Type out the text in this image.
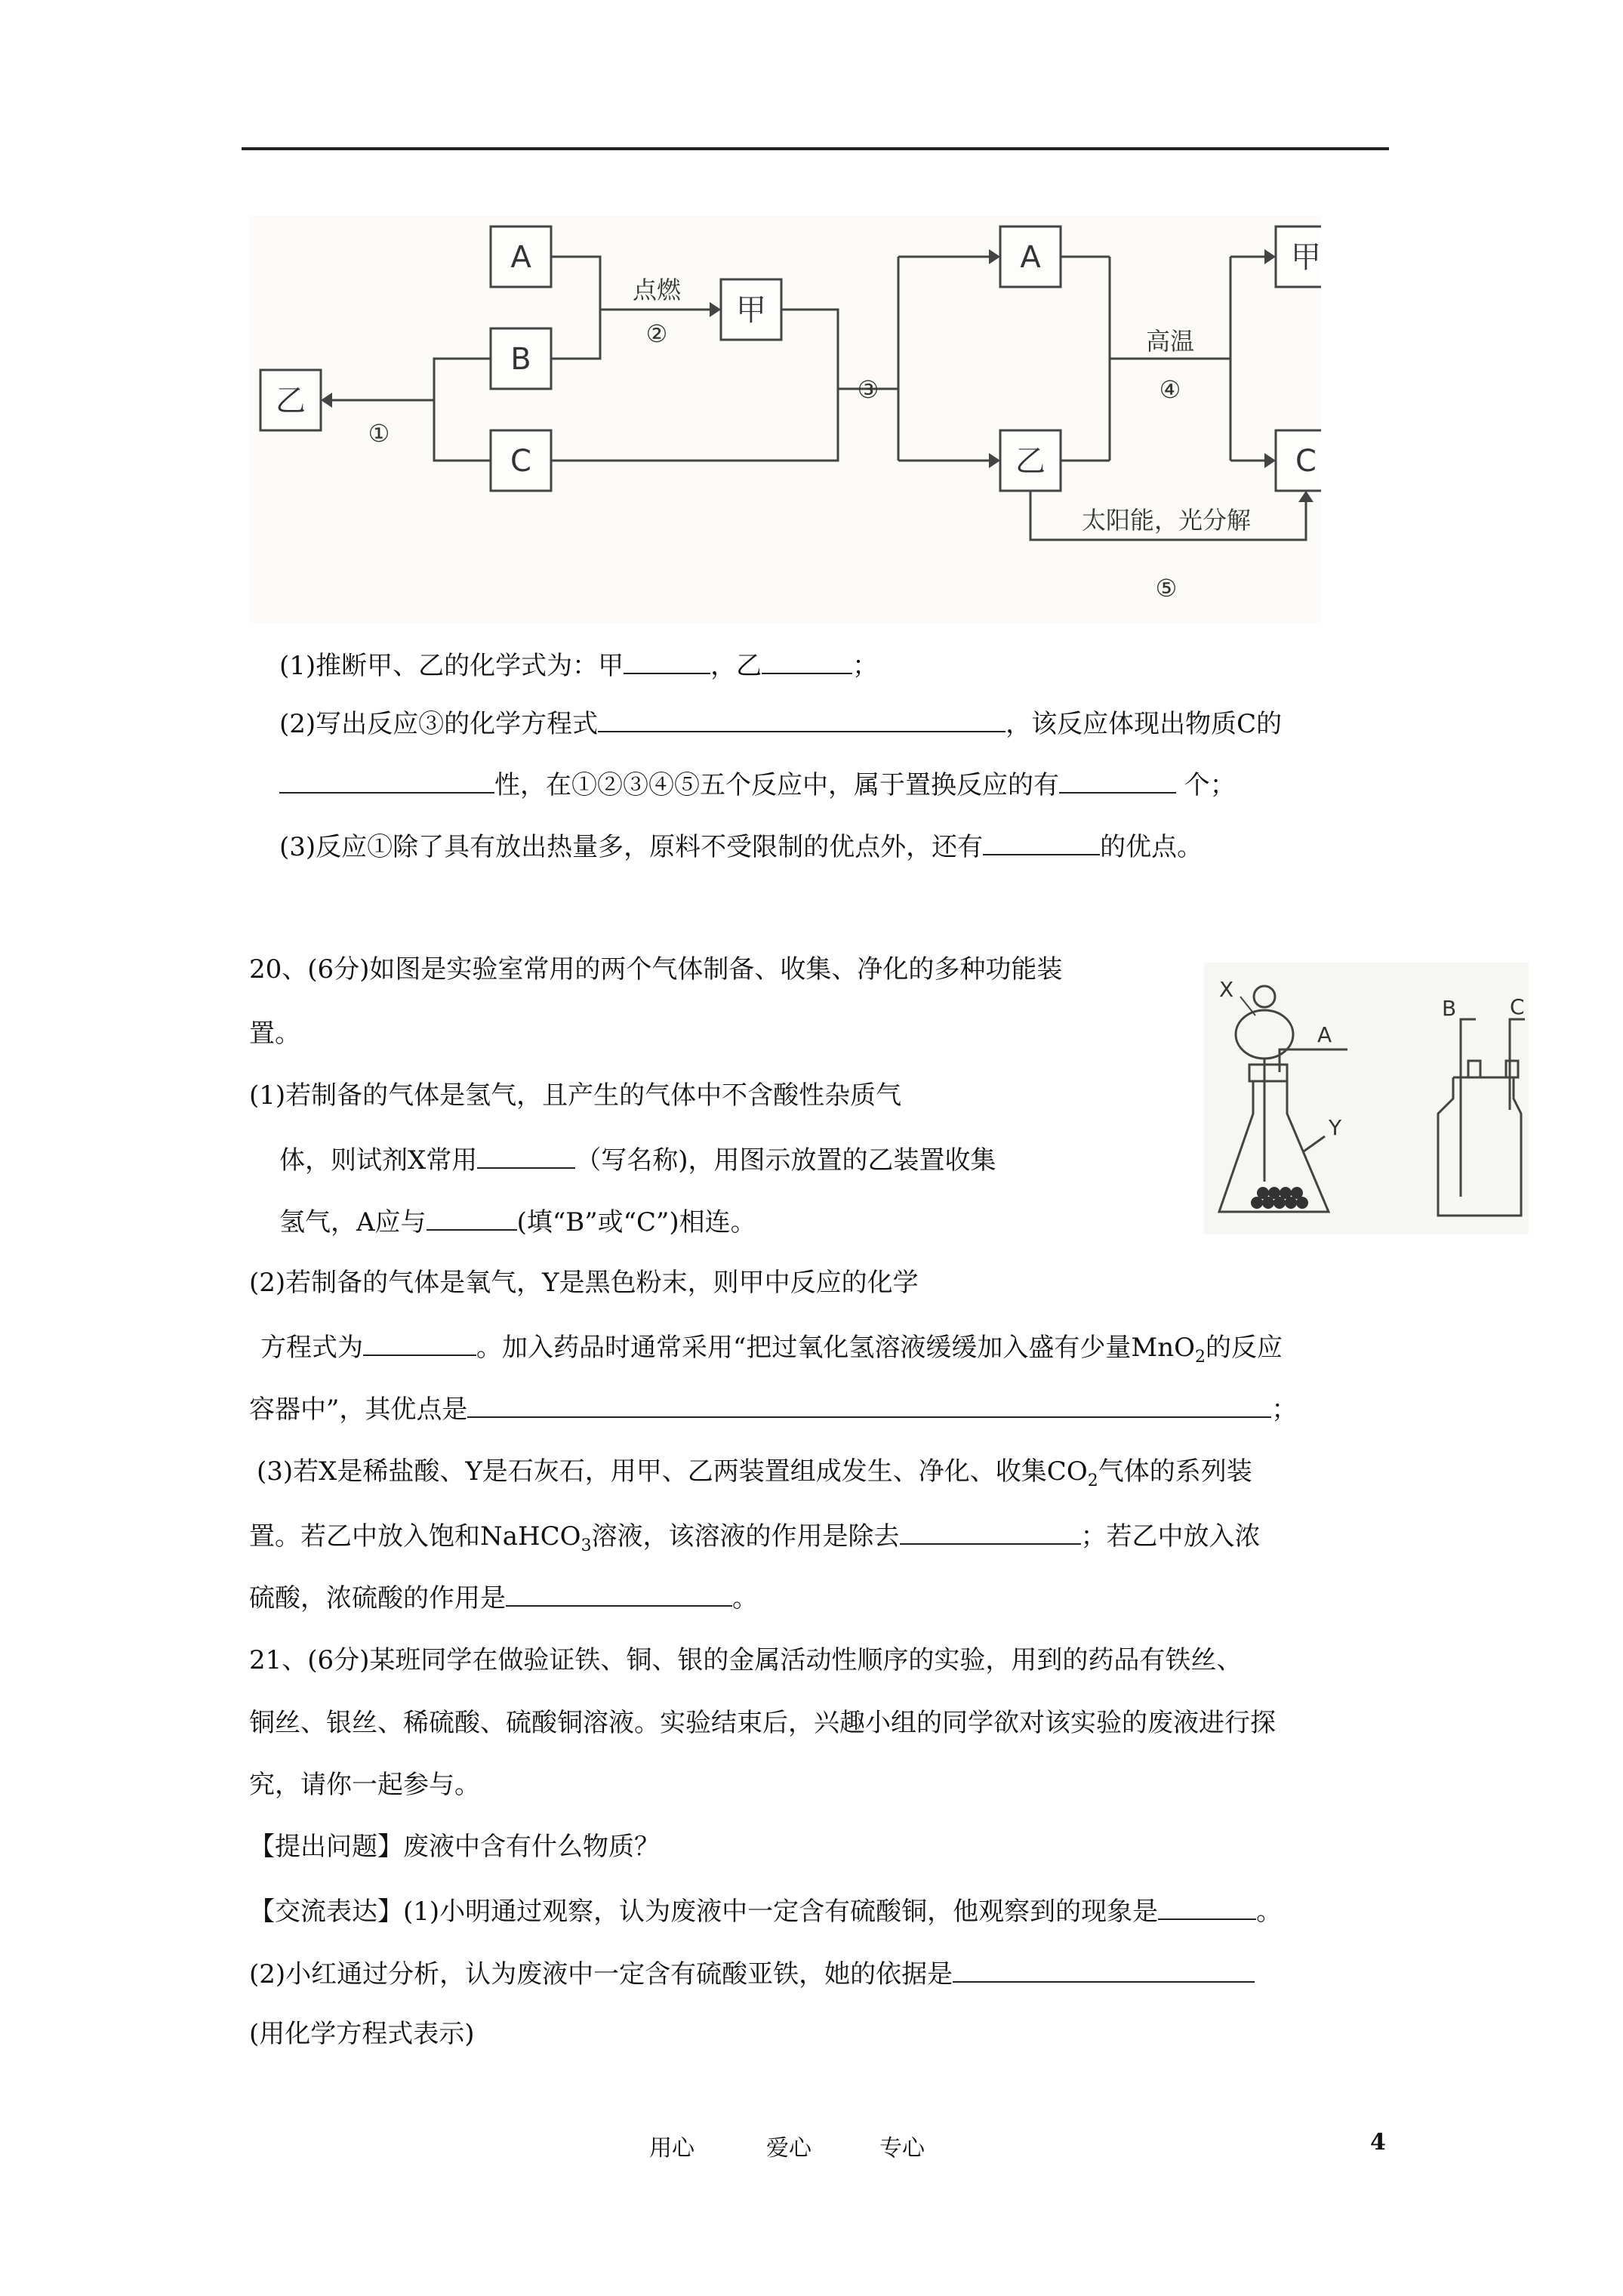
A
B
C
乙
甲
A
乙
甲
C
点燃
②
①
③
高温
④
太阳能，光分解
⑤
(1)推断甲、乙的化学式为：甲	，乙	；
(2)写出反应③的化学方程式	，该反应体现出物质C的
性，在①②③④⑤五个反应中，属于置换反应的有	个；
(3)反应①除了具有放出热量多，原料不受限制的优点外，还有	的优点。
20、(6分)如图是实验室常用的两个气体制备、收集、净化的多种功能装
置。
(1)若制备的气体是氢气，且产生的气体中不含酸性杂质气
体，则试剂X常用	（写名称)，用图示放置的乙装置收集
氢气，A应与	(填“B”或“C”)相连。
(2)若制备的气体是氧气，Y是黑色粉末，则甲中反应的化学
方程式为	。加入药品时通常采用“把过氧化氢溶液缓缓加入盛有少量MnO$_2$的反应
容器中”，其优点是	；
(3)若X是稀盐酸、Y是石灰石，用甲、乙两装置组成发生、净化、收集$CO_2$气体的系列装
置。若乙中放入饱和NaHCO$_3$溶液，该溶液的作用是除去	；若乙中放入浓
硫酸，浓硫酸的作用是	。
X
A
Y
B	C
21、(6分)某班同学在做验证铁、铜、银的金属活动性顺序的实验，用到的药品有铁丝、
铜丝、银丝、稀硫酸、硫酸铜溶液。实验结束后，兴趣小组的同学欲对该实验的废液进行探
究，请你一起参与。
【提出问题】废液中含有什么物质？
【交流表达】(1)小明通过观察，认为废液中一定含有硫酸铜，他观察到的现象是	。
(2)小红通过分析，认为废液中一定含有硫酸亚铁，她的依据是
(用化学方程式表示)
用心	爱心	专心	4
